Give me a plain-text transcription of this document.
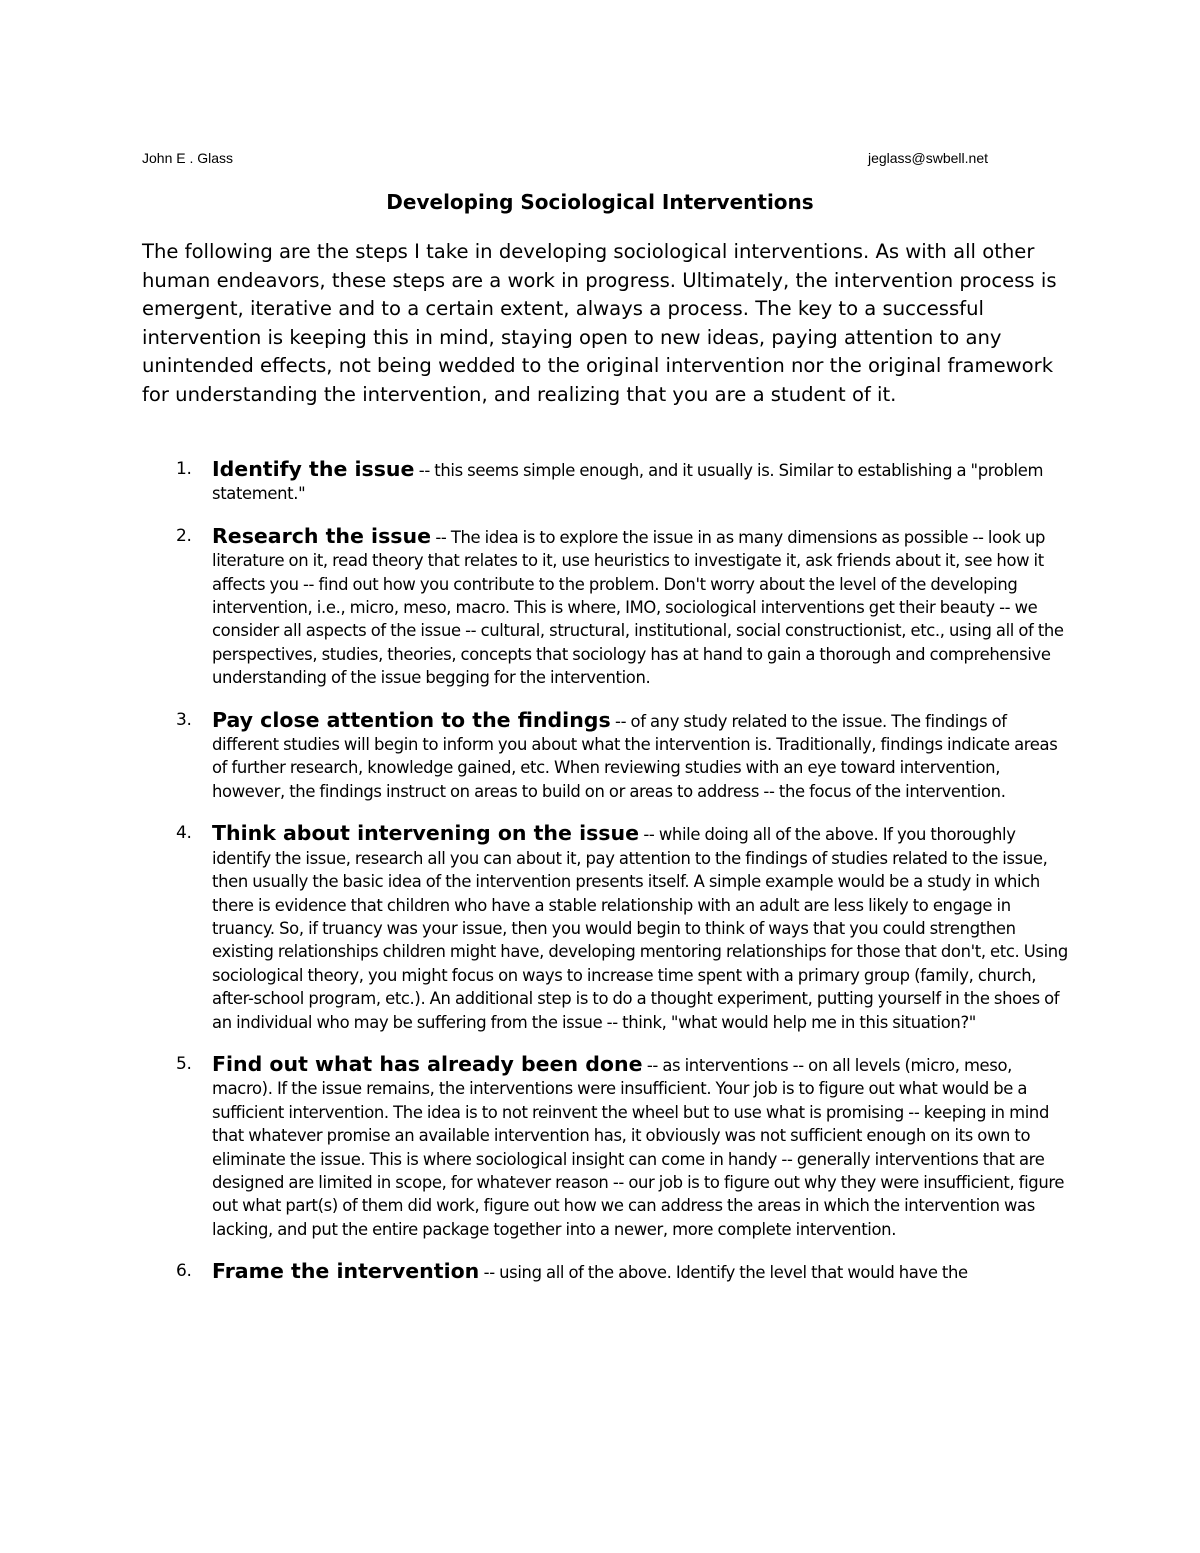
John E . Glass	jeglass@swbell.net
Developing Sociological Interventions

The following are the steps I take in developing sociological interventions. As with all other human endeavors, these steps are a work in progress. Ultimately, the intervention process is emergent, iterative and to a certain extent, always a process. The key to a successful intervention is keeping this in mind, staying open to new ideas, paying attention to any unintended effects, not being wedded to the original intervention nor the original framework for understanding the intervention, and realizing that you are a student of it.

1. Identify the issue -- this seems simple enough, and it usually is. Similar to establishing a "problem statement."
2. Research the issue -- The idea is to explore the issue in as many dimensions as possible -- look up literature on it, read theory that relates to it, use heuristics to investigate it, ask friends about it, see how it affects you -- find out how you contribute to the problem. Don't worry about the level of the developing intervention, i.e., micro, meso, macro. This is where, IMO, sociological interventions get their beauty -- we consider all aspects of the issue -- cultural, structural, institutional, social constructionist, etc., using all of the perspectives, studies, theories, concepts that sociology has at hand to gain a thorough and comprehensive understanding of the issue begging for the intervention.
3. Pay close attention to the findings -- of any study related to the issue. The findings of different studies will begin to inform you about what the intervention is. Traditionally, findings indicate areas of further research, knowledge gained, etc. When reviewing studies with an eye toward intervention, however, the findings instruct on areas to build on or areas to address -- the focus of the intervention.
4. Think about intervening on the issue -- while doing all of the above. If you thoroughly identify the issue, research all you can about it, pay attention to the findings of studies related to the issue, then usually the basic idea of the intervention presents itself. A simple example would be a study in which there is evidence that children who have a stable relationship with an adult are less likely to engage in truancy. So, if truancy was your issue, then you would begin to think of ways that you could strengthen existing relationships children might have, developing mentoring relationships for those that don't, etc. Using sociological theory, you might focus on ways to increase time spent with a primary group (family, church, after-school program, etc.). An additional step is to do a thought experiment, putting yourself in the shoes of an individual who may be suffering from the issue -- think, "what would help me in this situation?"
5. Find out what has already been done -- as interventions -- on all levels (micro, meso, macro). If the issue remains, the interventions were insufficient. Your job is to figure out what would be a sufficient intervention. The idea is to not reinvent the wheel but to use what is promising -- keeping in mind that whatever promise an available intervention has, it obviously was not sufficient enough on its own to eliminate the issue. This is where sociological insight can come in handy -- generally interventions that are designed are limited in scope, for whatever reason -- our job is to figure out why they were insufficient, figure out what part(s) of them did work, figure out how we can address the areas in which the intervention was lacking, and put the entire package together into a newer, more complete intervention.
6. Frame the intervention -- using all of the above. Identify the level that would have the
